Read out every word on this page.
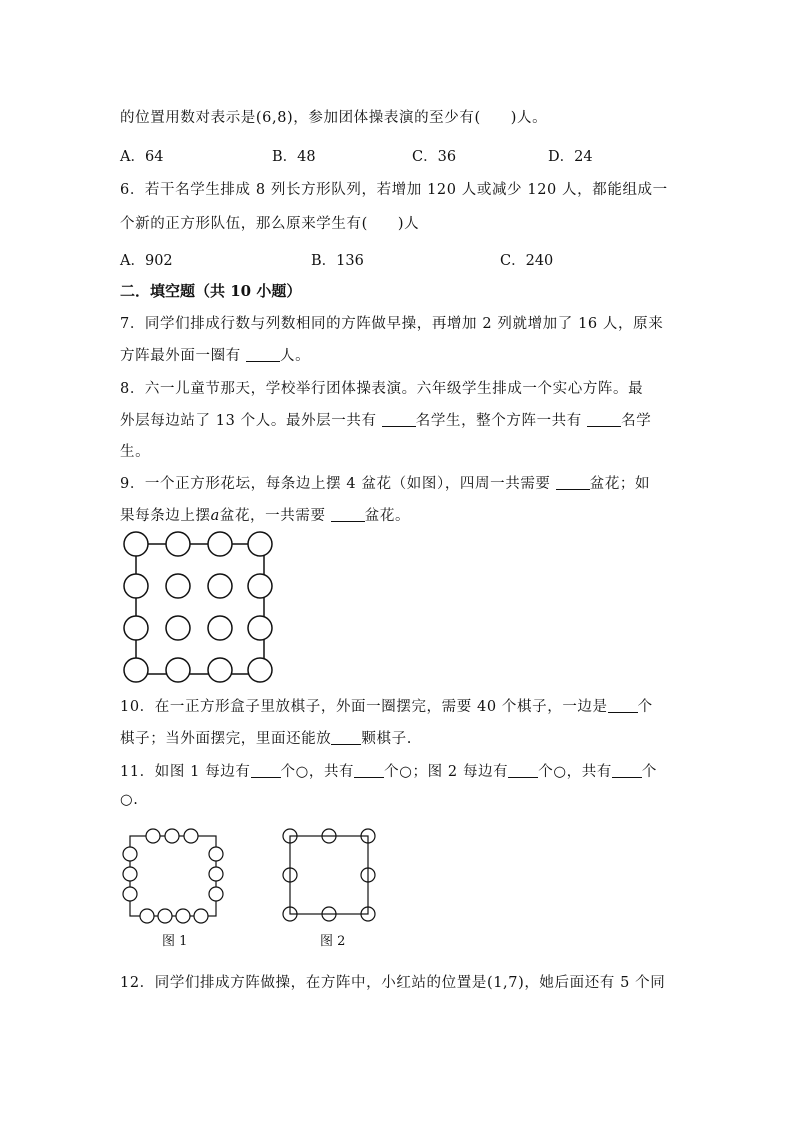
的位置用数对表示是(6,8)，参加团体操表演的至少有( )人。
A．64	B．48	C．36	D．24
6．若干名学生排成 8 列长方形队列，若增加 120 人或减少 120 人，都能组成一
个新的正方形队伍，那么原来学生有( )人
A．902	B．136	C．240
二．填空题（共 10 小题）
7．同学们排成行数与列数相同的方阵做早操，再增加 2 列就增加了 16 人，原来
方阵最外面一圈有 人。
8．六一儿童节那天，学校举行团体操表演。六年级学生排成一个实心方阵。最
外层每边站了 13 个人。最外层一共有 名学生，整个方阵一共有 名学
生。
9．一个正方形花坛，每条边上摆 4 盆花（如图），四周一共需要 盆花；如
果每条边上摆a盆花，一共需要 盆花。
10．在一正方形盒子里放棋子，外面一圈摆完，需要 40 个棋子，一边是 个
棋子；当外面摆完，里面还能放 颗棋子.
11．如图 1 每边有 个○，共有 个○；图 2 每边有 个○，共有 个
○.
图 1	图 2
12．同学们排成方阵做操，在方阵中，小红站的位置是(1,7)，她后面还有 5 个同
